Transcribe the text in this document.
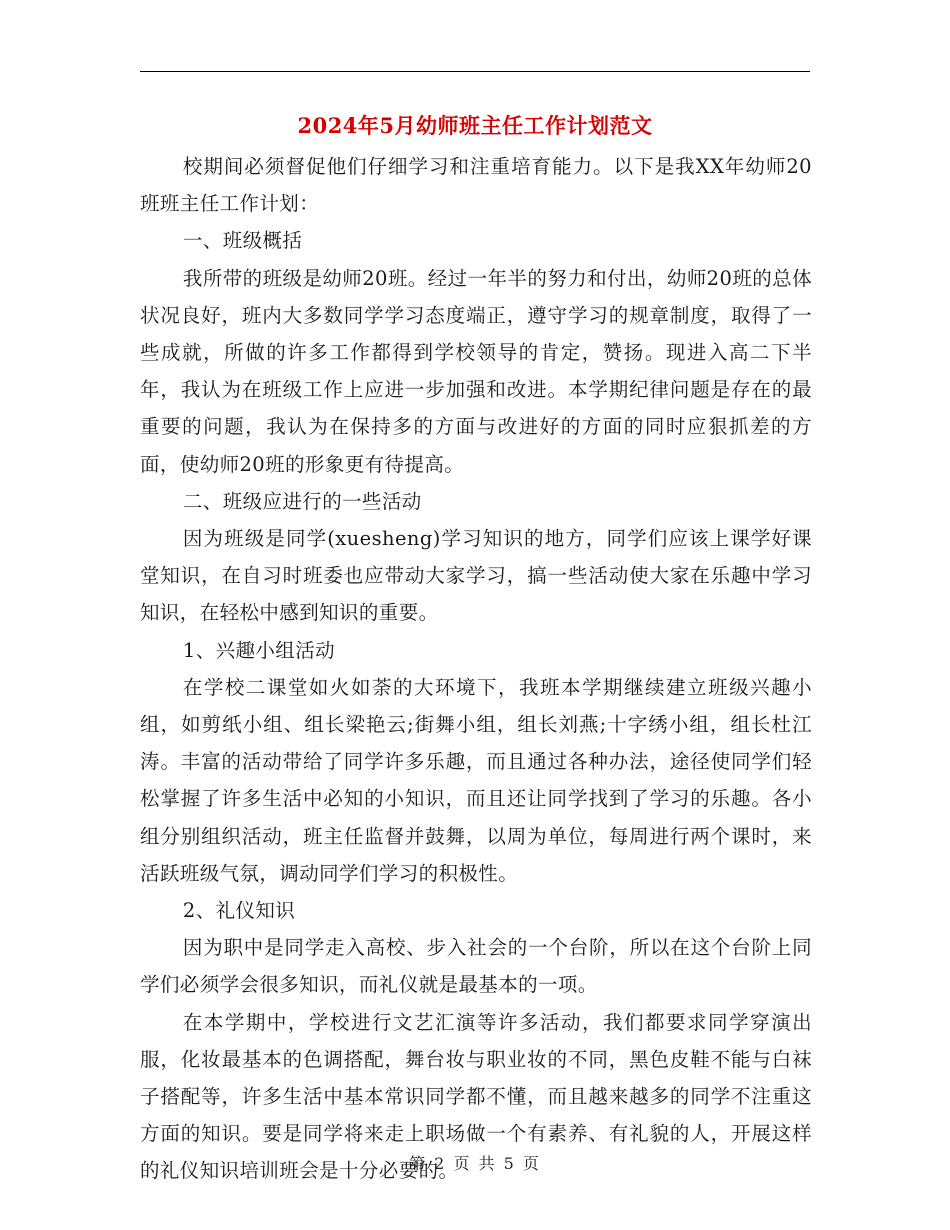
2024年5月幼师班主任工作计划范文

校期间必须督促他们仔细学习和注重培育能力。以下是我XX年幼师20班班主任工作计划：

一、班级概括

我所带的班级是幼师20班。经过一年半的努力和付出，幼师20班的总体状况良好，班内大多数同学学习态度端正，遵守学习的规章制度，取得了一些成就，所做的许多工作都得到学校领导的肯定，赞扬。现进入高二下半年，我认为在班级工作上应进一步加强和改进。本学期纪律问题是存在的最重要的问题，我认为在保持多的方面与改进好的方面的同时应狠抓差的方面，使幼师20班的形象更有待提高。

二、班级应进行的一些活动

因为班级是同学(xuesheng)学习知识的地方，同学们应该上课学好课堂知识，在自习时班委也应带动大家学习，搞一些活动使大家在乐趣中学习知识，在轻松中感到知识的重要。

1、兴趣小组活动

在学校二课堂如火如荼的大环境下，我班本学期继续建立班级兴趣小组，如剪纸小组、组长梁艳云;街舞小组，组长刘燕;十字绣小组，组长杜江涛。丰富的活动带给了同学许多乐趣，而且通过各种办法，途径使同学们轻松掌握了许多生活中必知的小知识，而且还让同学找到了学习的乐趣。各小组分别组织活动，班主任监督并鼓舞，以周为单位，每周进行两个课时，来活跃班级气氛，调动同学们学习的积极性。

2、礼仪知识

因为职中是同学走入高校、步入社会的一个台阶，所以在这个台阶上同学们必须学会很多知识，而礼仪就是最基本的一项。

在本学期中，学校进行文艺汇演等许多活动，我们都要求同学穿演出服，化妆最基本的色调搭配，舞台妆与职业妆的不同，黑色皮鞋不能与白袜子搭配等，许多生活中基本常识同学都不懂，而且越来越多的同学不注重这方面的知识。要是同学将来走上职场做一个有素养、有礼貌的人，开展这样的礼仪知识培训班会是十分必要的。

第 2 页 共 5 页
